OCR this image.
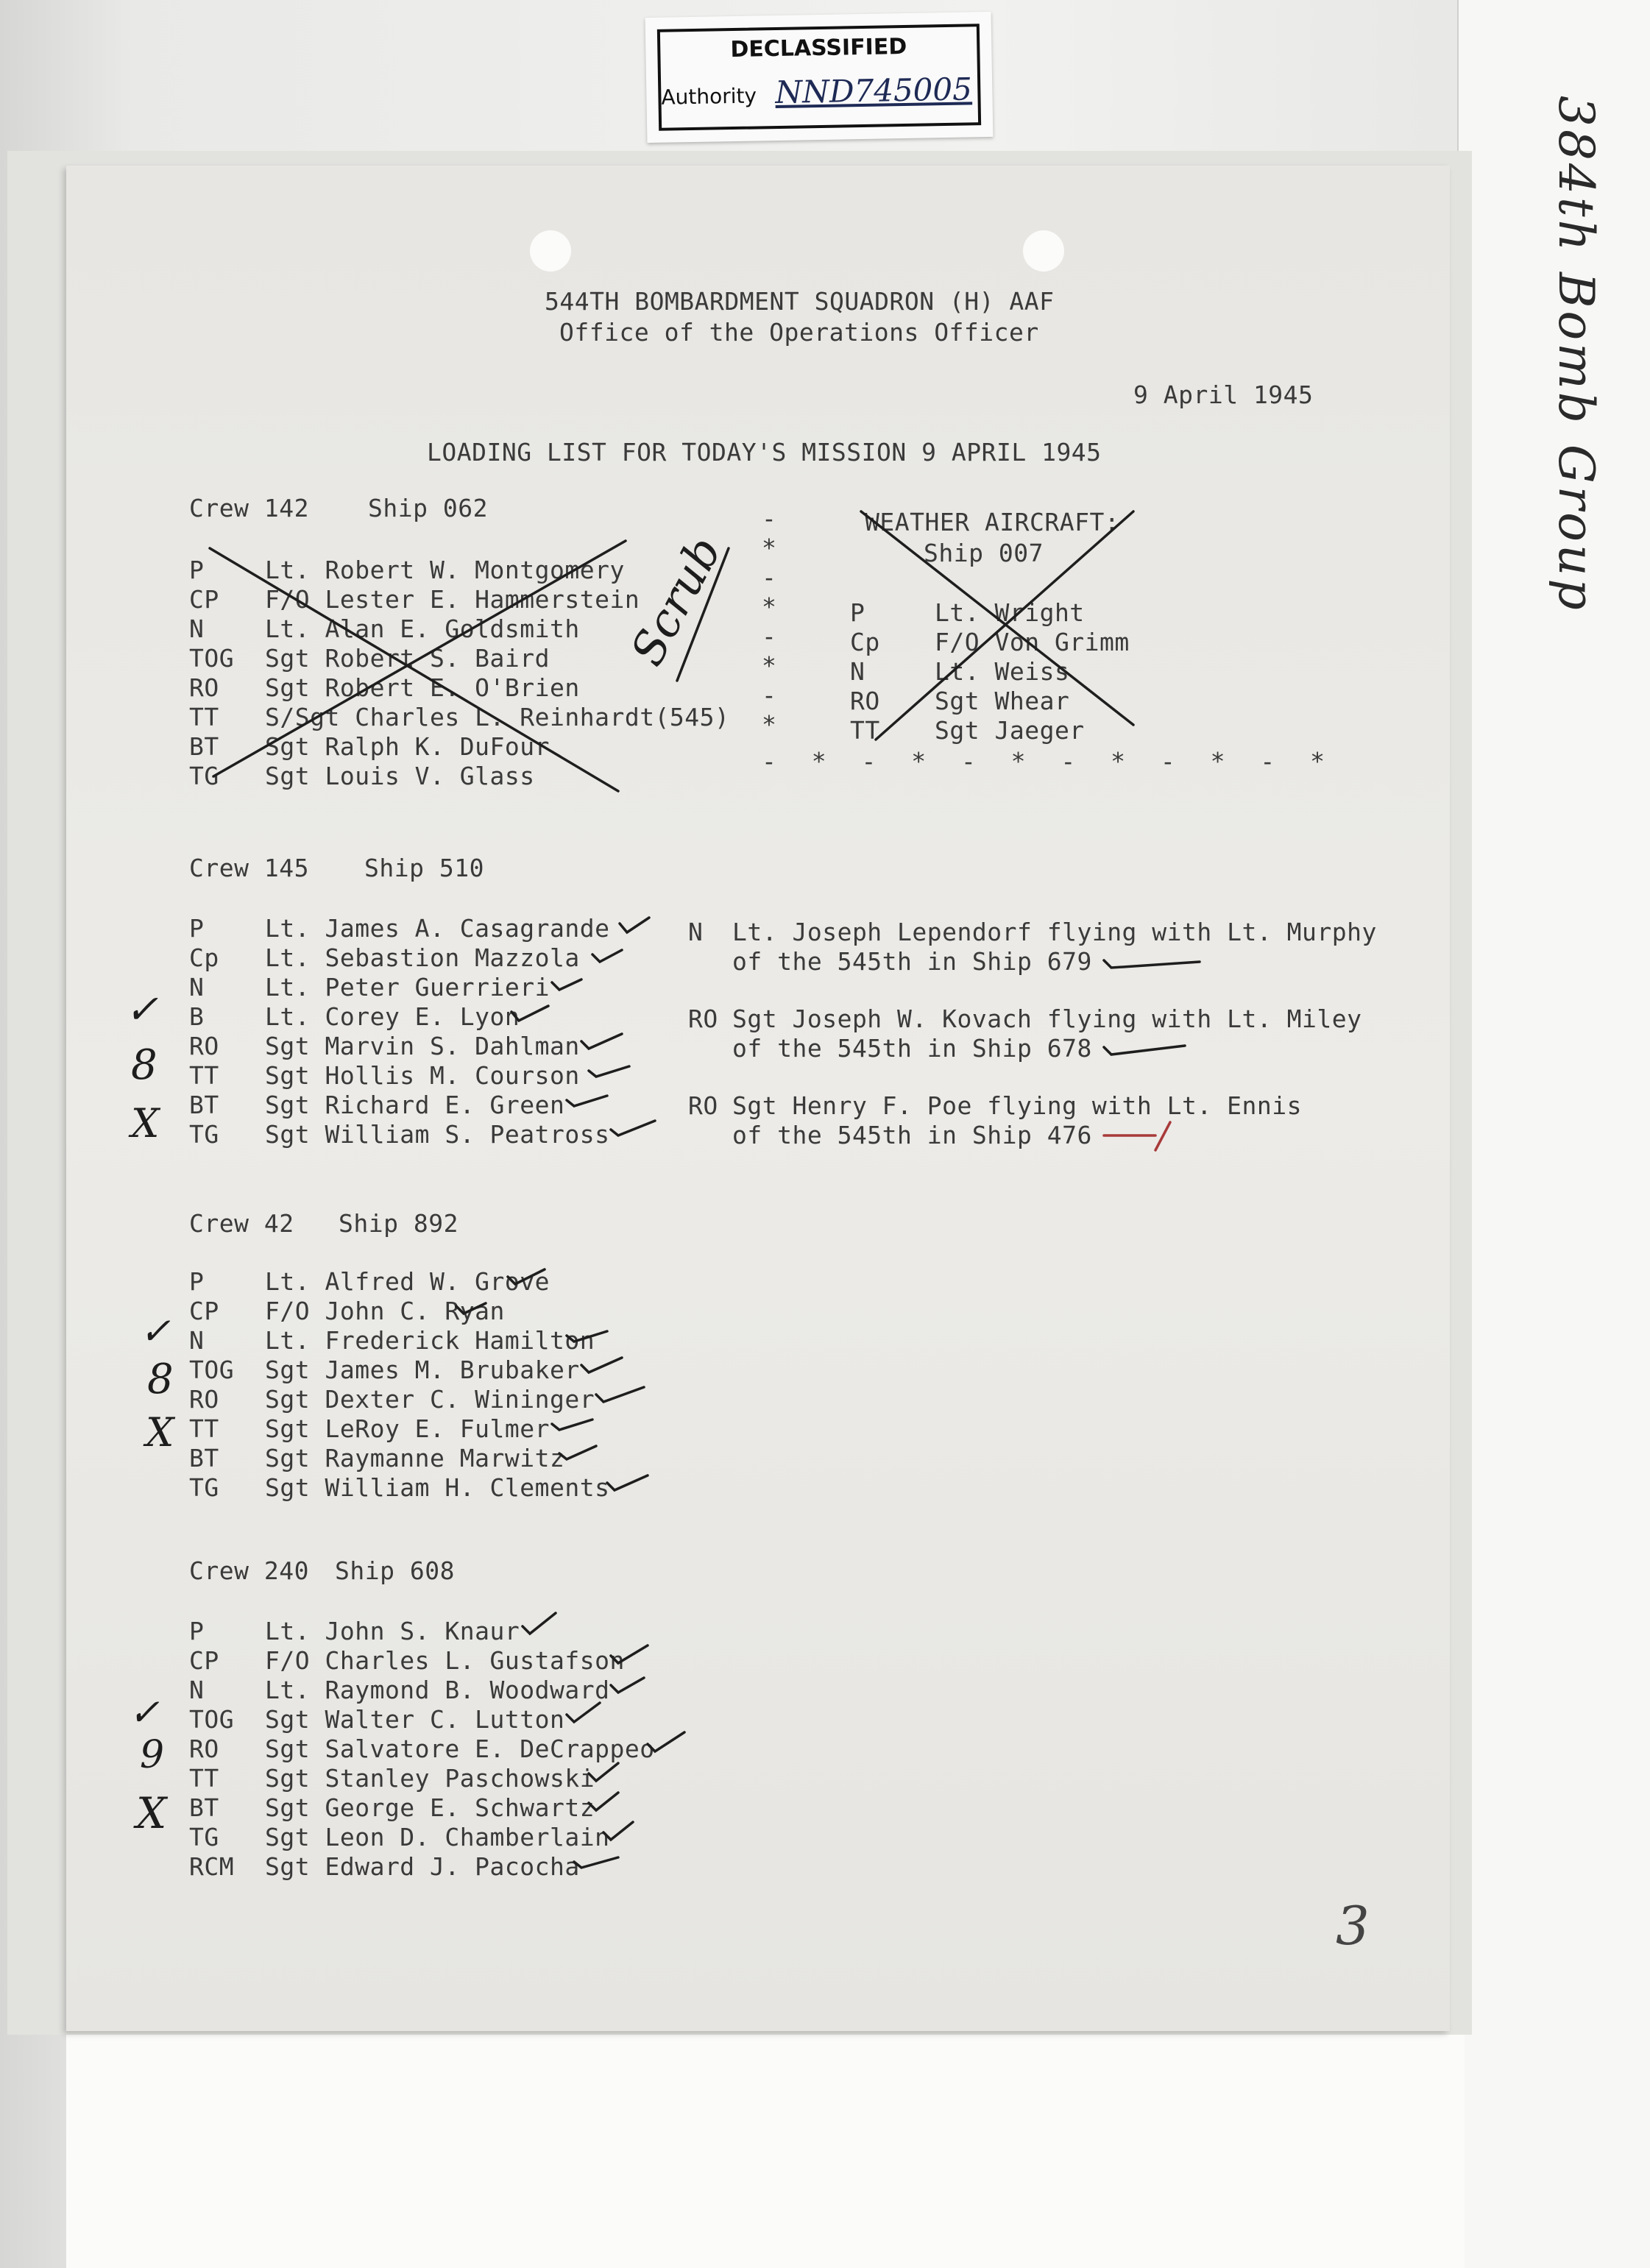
384th Bomb Group
DECLASSIFIED
Authority NND745005
544TH BOMBARDMENT SQUADRON (H) AAF
Office of the Operations Officer
9 April 1945
LOADING LIST FOR TODAY'S MISSION 9 APRIL 1945
Crew 142 Ship 062
P	Lt. Robert W. Montgomery
CP F/O Lester E. Hammerstein
N	Lt. Alan E. Goldsmith
TOG Sgt Robert S. Baird
RO Sgt Robert E. O'Brien
TT S/Sgt Charles L. Reinhardt(545)
BT Sgt Ralph K. DuFour
TG Sgt Louis V. Glass
Scrub
-
*
-
*
-
*
-
*
WEATHER AIRCRAFT:
Ship 007
P	Lt. Wright
Cp F/O Von Grimm
N	Lt. Weiss
RO Sgt Whear
TT Sgt Jaeger
- * - * - * - * - * - *
Crew 145 Ship 510
P	Lt. James A. Casagrande
Cp Lt. Sebastion Mazzola
N	Lt. Peter Guerrieri
B	Lt. Corey E. Lyon
RO Sgt Marvin S. Dahlman
TT Sgt Hollis M. Courson
BT Sgt Richard E. Green
TG Sgt William S. Peatross
N Lt. Joseph Lependorf flying with Lt. Murphy
of the 545th in Ship 679
RO Sgt Joseph W. Kovach flying with Lt. Miley
of the 545th in Ship 678
RO Sgt Henry F. Poe flying with Lt. Ennis
of the 545th in Ship 476
Crew 42 Ship 892
P	Lt. Alfred W. Grove
CP F/O John C. Ryan
N	Lt. Frederick Hamilton
TOG Sgt James M. Brubaker
RO Sgt Dexter C. Wininger
TT Sgt LeRoy E. Fulmer
BT Sgt Raymanne Marwitz
TG Sgt William H. Clements
Crew 240 Ship 608
P	Lt. John S. Knaur
CP F/O Charles L. Gustafson
N	Lt. Raymond B. Woodward
TOG Sgt Walter C. Lutton
RO Sgt Salvatore E. DeCrappeo
TT Sgt Stanley Paschowski
BT Sgt George E. Schwartz
TG Sgt Leon D. Chamberlain
RCM Sgt Edward J. Pacocha
✓
8
X
✓
8
X
✓
9
X
3
